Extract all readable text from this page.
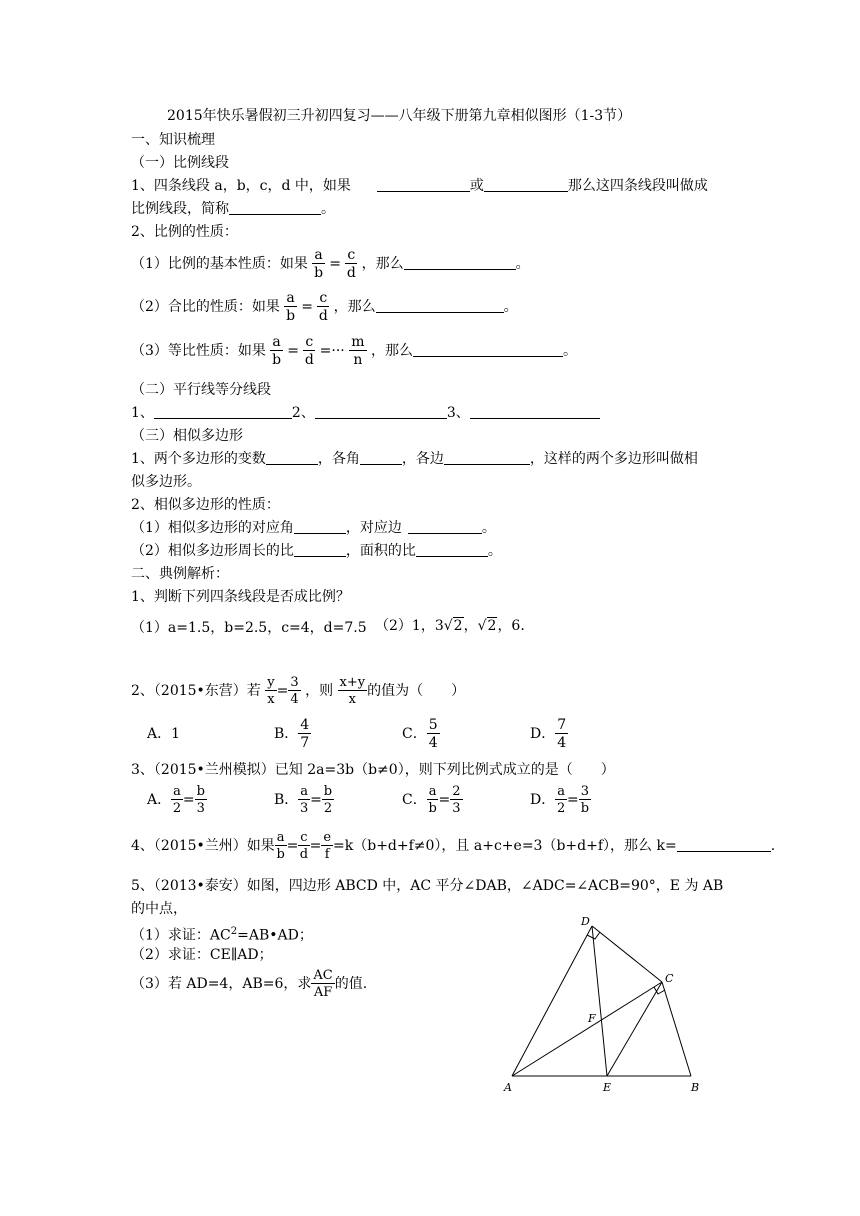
2015年快乐暑假初三升初四复习——八年级下册第九章相似图形（1-3节）
一、知识梳理
（一）比例线段
1、四条线段 a，b，c，d 中，如果	或	那么这四条线段叫做成
比例线段，简称	。
2、比例的性质：
（1）比例的基本性质：如果 $\frac{a}{b} = \frac{c}{d}$ ，那么	。
（2）合比的性质：如果 $\frac{a}{b} = \frac{c}{d}$ ，那么	。
（3）等比性质：如果 $\frac{a}{b} = \frac{c}{d}$ =··· $\frac{m}{n}$ ，那么	。
（二）平行线等分线段
1、	2、	3、
（三）相似多边形
1、两个多边形的变数	，各角	，各边	，这样的两个多边形叫做相
似多边形。
2、相似多边形的性质：
（1）相似多边形的对应角	，对应边	。
（2）相似多边形周长的比	，面积的比	。
二、典例解析：
1、判断下列四条线段是否成比例？
（1）a=1.5，b=2.5，c=4，d=7.5 （2）1，3√2，√2，6.
2、（2015•东营）若 $\frac{y}{x} = \frac{3}{4}$ ，则 $\frac{x+y}{x}$ 的值为（　　）
A．1	B． $\frac{4}{7}$	C． $\frac{5}{4}$	D． $\frac{7}{4}$
3、（2015•兰州模拟）已知 2a=3b（b≠0），则下列比例式成立的是（　　）
A． $\frac{a}{2} = \frac{b}{3}$	B． $\frac{a}{3} = \frac{b}{2}$	C． $\frac{a}{b} = \frac{2}{3}$	D． $\frac{a}{2} = \frac{3}{b}$
4、（2015•兰州）如果 $\frac{a}{b} = \frac{c}{d} = \frac{e}{f} =k(b+d+f\ne 0)$，且 a+c+e=3（b+d+f），那么 k=	.
5、（2013•泰安）如图，四边形 ABCD 中，AC 平分∠DAB，∠ADC=∠ACB=90°，E 为 AB
的中点，
（1）求证：$AC^2=AB•AD$；
（2）求证：CE∥AD；
（3）若 AD=4，AB=6，求 $\frac{AC}{AF}$ 的值.
D
C
F
A	E	B
